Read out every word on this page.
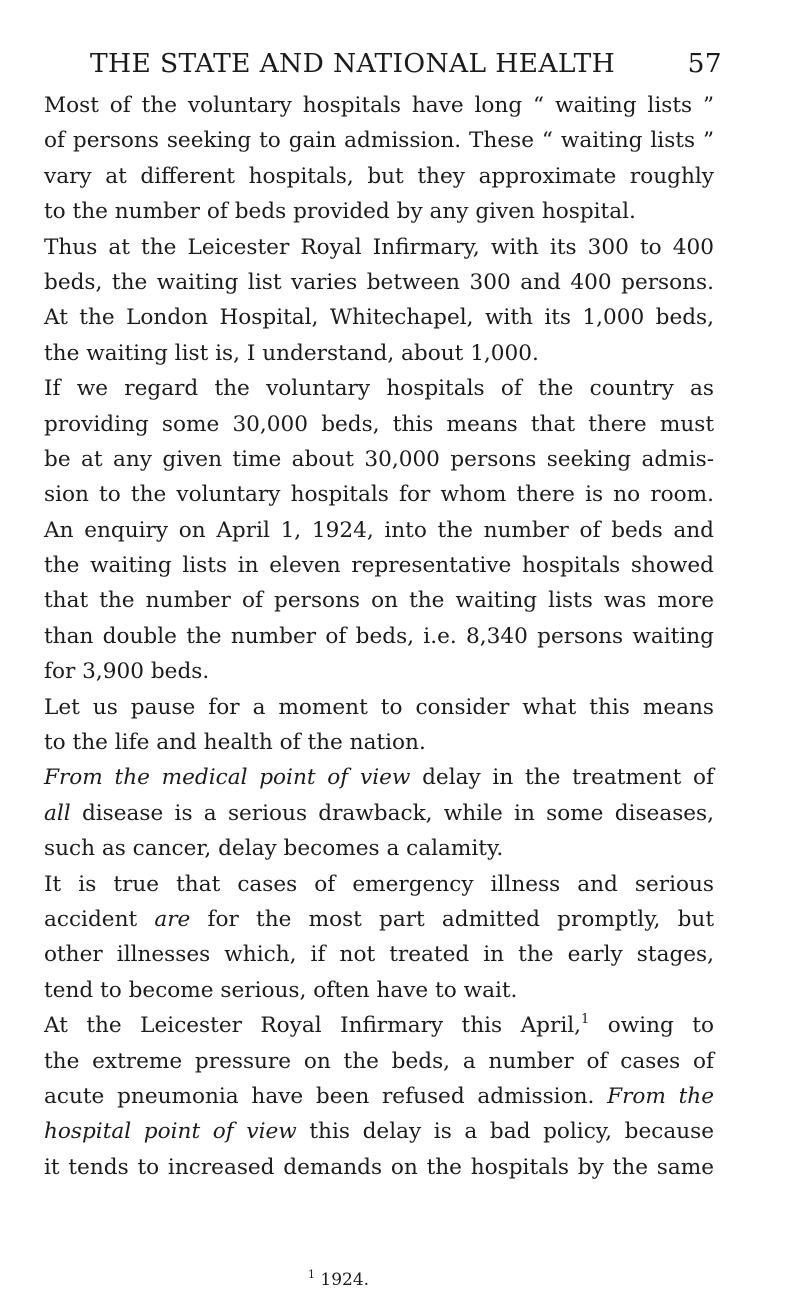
THE STATE AND NATIONAL HEALTH	57
Most of the voluntary hospitals have long “ waiting lists ”
of persons seeking to gain admission. These “ waiting lists ”
vary at different hospitals, but they approximate roughly
to the number of beds provided by any given hospital.
Thus at the Leicester Royal Infirmary, with its 300 to 400
beds, the waiting list varies between 300 and 400 persons.
At the London Hospital, Whitechapel, with its 1,000 beds,
the waiting list is, I understand, about 1,000.
If we regard the voluntary hospitals of the country as
providing some 30,000 beds, this means that there must
be at any given time about 30,000 persons seeking admis-
sion to the voluntary hospitals for whom there is no room.
An enquiry on April 1, 1924, into the number of beds and
the waiting lists in eleven representative hospitals showed
that the number of persons on the waiting lists was more
than double the number of beds, i.e. 8,340 persons waiting
for 3,900 beds.
Let us pause for a moment to consider what this means
to the life and health of the nation.
From the medical point of view delay in the treatment of
all disease is a serious drawback, while in some diseases,
such as cancer, delay becomes a calamity.
It is true that cases of emergency illness and serious
accident are for the most part admitted promptly, but
other illnesses which, if not treated in the early stages,
tend to become serious, often have to wait.
At the Leicester Royal Infirmary this April,$^1$ owing to
the extreme pressure on the beds, a number of cases of
acute pneumonia have been refused admission. From the
hospital point of view this delay is a bad policy, because
it tends to increased demands on the hospitals by the same
$^1$ 1924.
